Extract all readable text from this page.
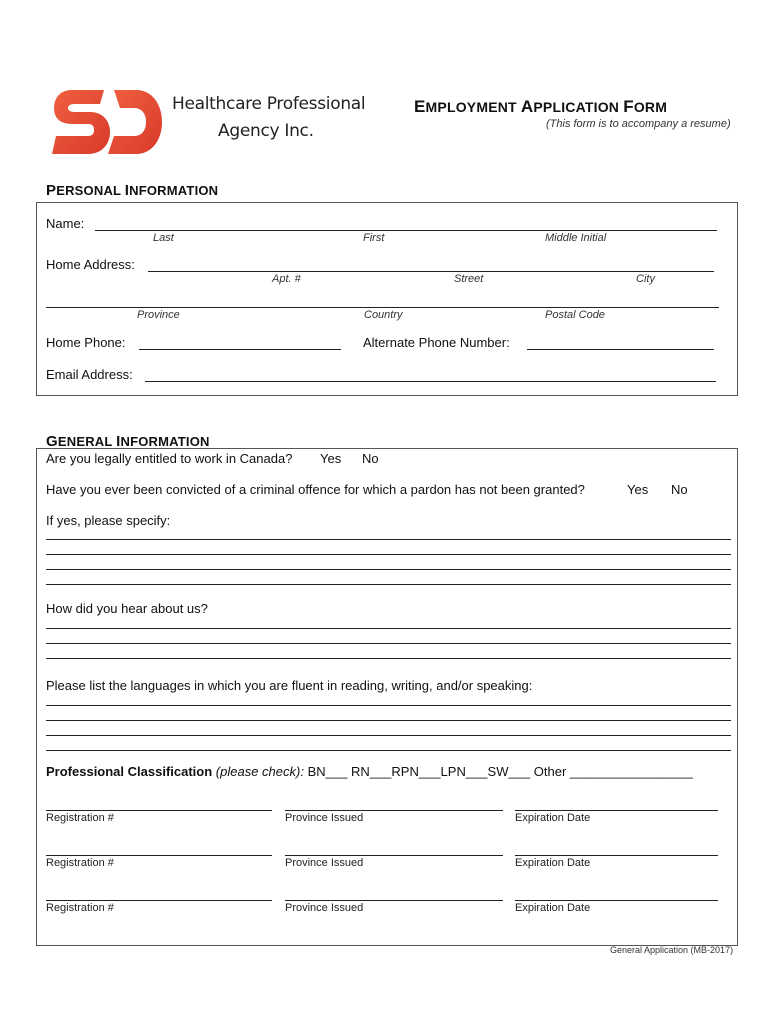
Healthcare Professional
Agency Inc.
EMPLOYMENT APPLICATION FORM
(This form is to accompany a resume)
PERSONAL INFORMATION
Name:
Last	First	Middle Initial
Home Address:
Apt. #	Street	City
Province	Country	Postal Code
Home Phone:	Alternate Phone Number:
Email Address:
GENERAL INFORMATION
Are you legally entitled to work in Canada? Yes No
Have you ever been convicted of a criminal offence for which a pardon has not been granted?	Yes No
If yes, please specify:
How did you hear about us?
Please list the languages in which you are fluent in reading, writing, and/or speaking:
Professional Classification (please check): BN___ RN___RPN___LPN___SW___ Other _________________
Registration #	Province Issued	Expiration Date
Registration #	Province Issued	Expiration Date
Registration #	Province Issued	Expiration Date
General Application (MB-2017)
